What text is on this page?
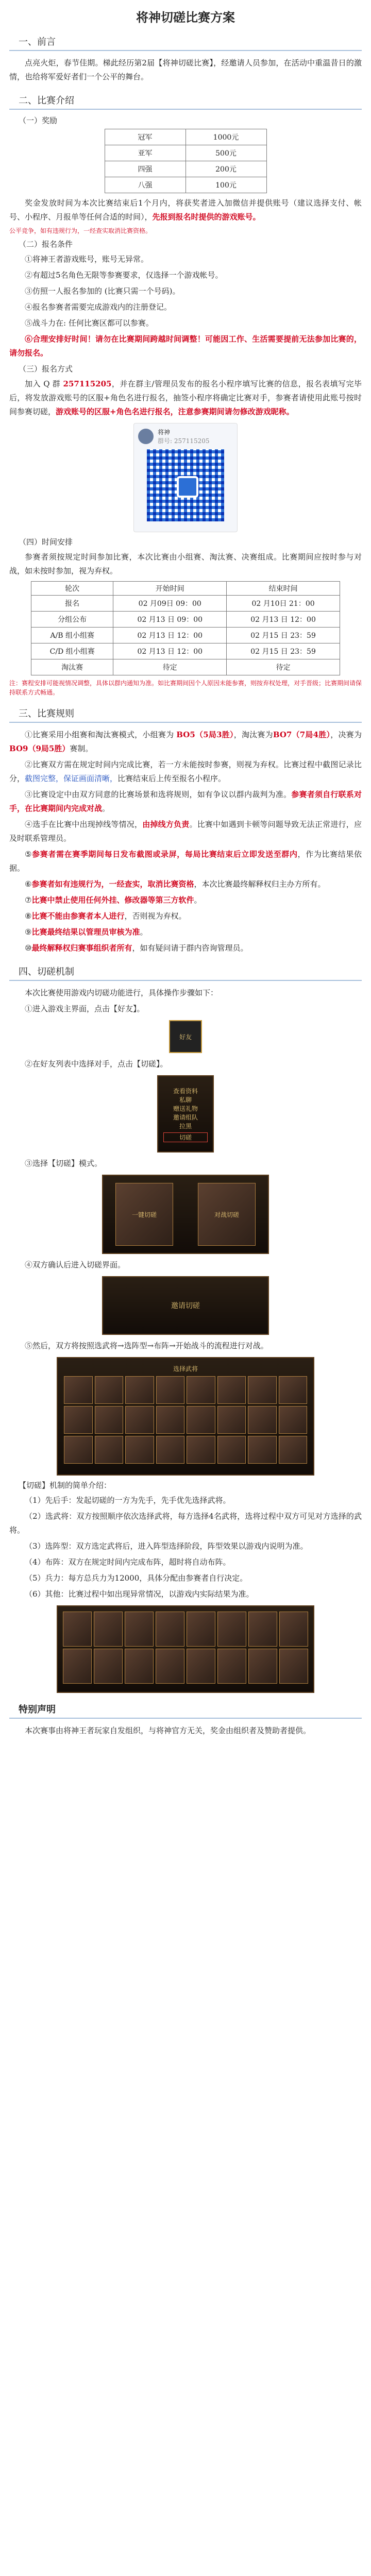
将神切磋比赛方案
一、前言

点亮火炬，春节佳期。梯此经历第2届【将神切磋比赛】，经邀请人员参加，在活动中重温昔日的激情，也给将军爱好者们一个公平的舞台。

二、比赛介绍
（一）奖励
冠军	1000元
亚军	500元
四强	200元
八强	100元

奖金发放时间为本次比赛结束后1个月内，将获奖者进入加微信并提供账号（建议选择支付、帐号、小程序、月报单等任何合适的时间），先报到报名时提供的游戏账号。

公平竞争，如有违规行为，一经查实取消比赛资格。

（二）报名条件

①将神王者游戏账号，账号无异常。

②有超过5名角色无限等参赛要求，仅选择一个游戏帐号。

③仿照一人报名参加的 (比赛只需一个号码)。

④报名参赛者需要完成游戏内的注册登记。

⑤战斗力在: 任何比赛区都可以参赛。

⑥合理安排好时间！请勿在比赛期间跨越时间调整！可能因工作、生活需要提前无法参加比赛的，请勿报名。

（三）报名方式

加入 Q 群 257115205，并在群主/管理员发布的报名小程序填写比赛的信息，报名表填写完毕后，将发放游戏账号的区服+角色名进行报名，抽签小程序将确定比赛对手，参赛者请使用此账号按时间参赛切磋，游戏账号的区服+角色名进行报名，注意参赛期间请勿修改游戏昵称。

将神
群号: 257115205
（四）时间安排

参赛者须按规定时间参加比赛，本次比赛由小组赛、淘汰赛、决赛组成。比赛期间应按时参与对战，如未按时参加，视为弃权。

轮次	开始时间	结束时间
报名	02 月09日 09：00	02 月10日 21：00
分组公布	02 月13 日 09：00	02 月13 日 12：00
A/B 组小组赛	02 月13 日 12：00	02 月15 日 23：59
C/D 组小组赛	02 月13 日 12：00	02 月15 日 23：59
淘汰赛	待定	待定

注：赛程安排可能视情况调整，具体以群内通知为准。如比赛期间因个人原因未能参赛，则按弃权处理，对手晋级；比赛期间请保持联系方式畅通。

三、比赛规则

①比赛采用小组赛和淘汰赛模式，小组赛为 BO5（5局3胜），淘汰赛为BO7（7局4胜），决赛为 BO9（9局5胜）赛制。

②比赛双方需在规定时间内完成比赛，若一方未能按时参赛，则视为弃权。比赛过程中截图记录比分，截图完整，保证画面清晰，比赛结束后上传至报名小程序。

③比赛设定中由双方同意的比赛场景和选将规则，如有争议以群内裁判为准。参赛者须自行联系对手，在比赛期间内完成对战。

④选手在比赛中出现掉线等情况，由掉线方负责。比赛中如遇到卡顿等问题导致无法正常进行，应及时联系管理员。

⑤参赛者需在赛季期间每日发布截图或录屏，每局比赛结束后立即发送至群内，作为比赛结果依据。

⑥参赛者如有违规行为，一经查实，取消比赛资格，本次比赛最终解释权归主办方所有。

⑦比赛中禁止使用任何外挂、修改器等第三方软件。

⑧比赛不能由参赛者本人进行，否则视为弃权。

⑨比赛最终结果以管理员审核为准。

⑩最终解释权归赛事组织者所有，如有疑问请于群内咨询管理员。

四、切磋机制

本次比赛使用游戏内切磋功能进行，具体操作步骤如下：

①进入游戏主界面，点击【好友】。

好友

②在好友列表中选择对手，点击【切磋】。

查看资料
私聊
赠送礼物
邀请组队
拉黑
切磋

③选择【切磋】模式。

一键切磋	对战切磋

④双方确认后进入切磋界面。

邀请切磋

⑤然后，双方将按照选武将→选阵型→布阵→开始战斗的流程进行对战。

选择武将
【切磋】机制的简单介绍：

（1）先后手：发起切磋的一方为先手，先手优先选择武将。

（2）选武将：双方按照顺序依次选择武将，每方选择4名武将，选将过程中双方可见对方选择的武将。

（3）选阵型：双方选定武将后，进入阵型选择阶段，阵型效果以游戏内说明为准。

（4）布阵：双方在规定时间内完成布阵，超时将自动布阵。

（5）兵力：每方总兵力为12000，具体分配由参赛者自行决定。

（6）其他：比赛过程中如出现异常情况，以游戏内实际结果为准。

特别声明

本次赛事由将神王者玩家自发组织，与将神官方无关，奖金由组织者及赞助者提供。
